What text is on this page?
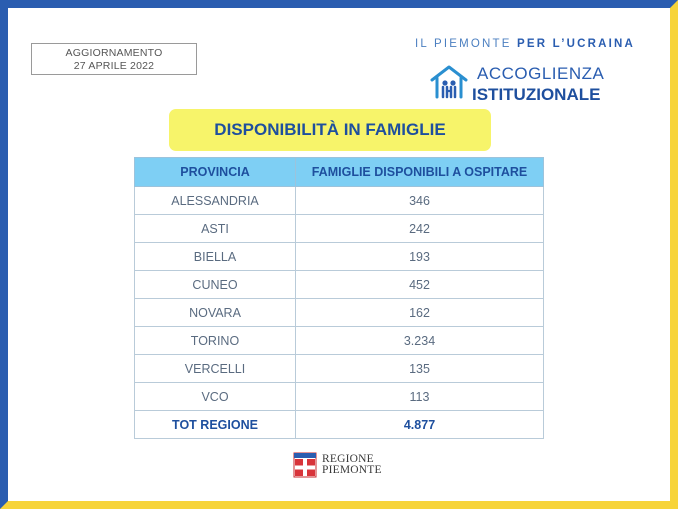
AGGIORNAMENTO
27 APRILE 2022
IL PIEMONTE PER L’UCRAINA
ACCOGLIENZA
ISTITUZIONALE
DISPONIBILITÀ IN FAMIGLIE
PROVINCIA	FAMIGLIE DISPONIBILI A OSPITARE
ALESSANDRIA	346
ASTI	242
BIELLA	193
CUNEO	452
NOVARA	162
TORINO	3.234
VERCELLI	135
VCO	113
TOT REGIONE	4.877
REGIONE
PIEMONTE
